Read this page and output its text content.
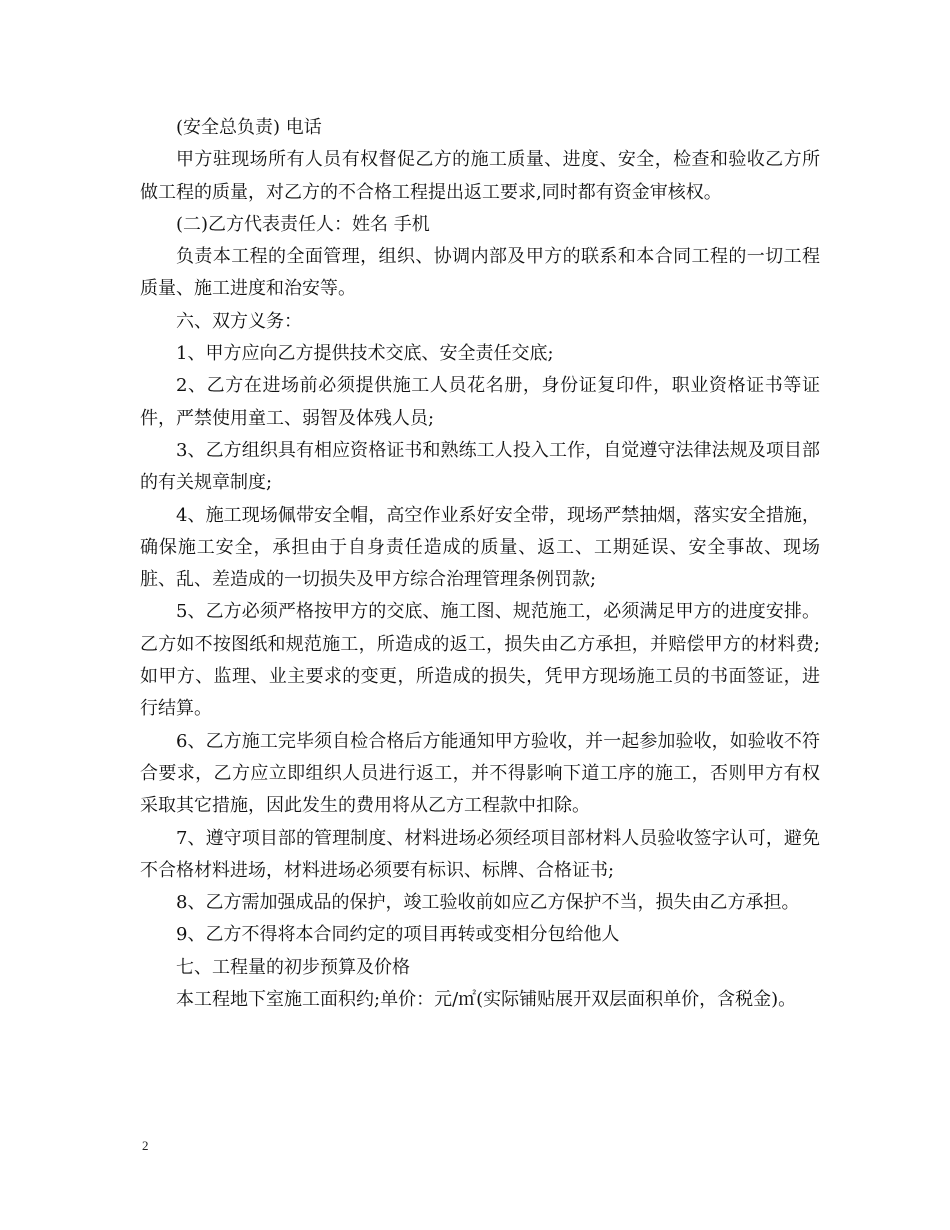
(安全总负责) 电话

甲方驻现场所有人员有权督促乙方的施工质量、进度、安全，检查和验收乙方所做工程的质量，对乙方的不合格工程提出返工要求,同时都有资金审核权。

(二)乙方代表责任人：姓名 手机

负责本工程的全面管理，组织、协调内部及甲方的联系和本合同工程的一切工程质量、施工进度和治安等。

六、双方义务：

1、甲方应向乙方提供技术交底、安全责任交底;

2、乙方在进场前必须提供施工人员花名册，身份证复印件，职业资格证书等证件，严禁使用童工、弱智及体残人员;

3、乙方组织具有相应资格证书和熟练工人投入工作，自觉遵守法律法规及项目部的有关规章制度;

4、施工现场佩带安全帽，高空作业系好安全带，现场严禁抽烟，落实安全措施，确保施工安全，承担由于自身责任造成的质量、返工、工期延误、安全事故、现场脏、乱、差造成的一切损失及甲方综合治理管理条例罚款;

5、乙方必须严格按甲方的交底、施工图、规范施工，必须满足甲方的进度安排。乙方如不按图纸和规范施工，所造成的返工，损失由乙方承担，并赔偿甲方的材料费;如甲方、监理、业主要求的变更，所造成的损失，凭甲方现场施工员的书面签证，进行结算。

6、乙方施工完毕须自检合格后方能通知甲方验收，并一起参加验收，如验收不符合要求，乙方应立即组织人员进行返工，并不得影响下道工序的施工，否则甲方有权采取其它措施，因此发生的费用将从乙方工程款中扣除。

7、遵守项目部的管理制度、材料进场必须经项目部材料人员验收签字认可，避免不合格材料进场，材料进场必须要有标识、标牌、合格证书;

8、乙方需加强成品的保护，竣工验收前如应乙方保护不当，损失由乙方承担。

9、乙方不得将本合同约定的项目再转或变相分包给他人

七、工程量的初步预算及价格

本工程地下室施工面积约;单价：元/㎡(实际铺贴展开双层面积单价，含税金)。

2
